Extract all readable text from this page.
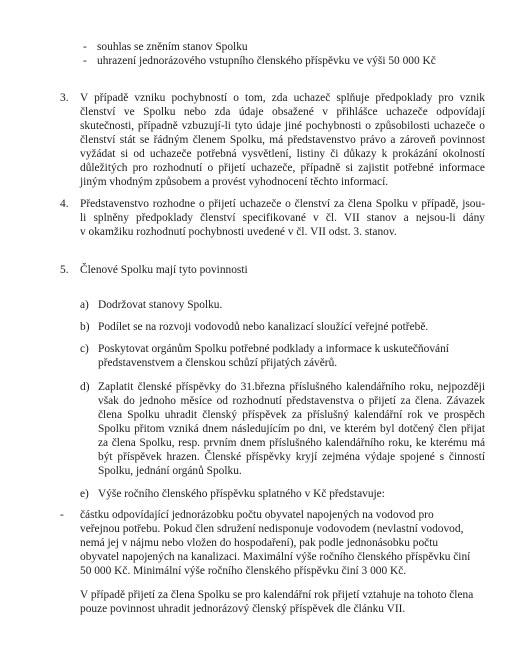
- souhlas se zněním stanov Spolku
- uhrazení jednorázového vstupního členského příspěvku ve výši 50 000 Kč
3. V případě vzniku pochybností o tom, zda uchazeč splňuje předpoklady pro vznik

členství ve Spolku nebo zda údaje obsažené v přihlášce uchazeče odpovídají

skutečnosti, případně vzbuzují-li tyto údaje jiné pochybnosti o způsobilosti uchazeče o

členství stát se řádným členem Spolku, má představenstvo právo a zároveň povinnost

vyžádat si od uchazeče potřebná vysvětlení, listiny či důkazy k prokázání okolností

důležitých pro rozhodnutí o přijetí uchazeče, případně si zajistit potřebné informace

jiným vhodným způsobem a provést vyhodnocení těchto informací.

4. Představenstvo rozhodne o přijetí uchazeče o členství za člena Spolku v případě, jsou-

li splněny předpoklady členství specifikované v čl. VII stanov a nejsou-li dány

v okamžiku rozhodnutí pochybnosti uvedené v čl. VII odst. 3. stanov.

5. Členové Spolku mají tyto povinnosti
a) Dodržovat stanovy Spolku.
b) Podílet se na rozvoji vodovodů nebo kanalizací sloužící veřejné potřebě.
c) Poskytovat orgánům Spolku potřebné podklady a informace k uskutečňování

představenstvem a členskou schůzí přijatých závěrů.

d) Zaplatit členské příspěvky do 31.března příslušného kalendářního roku, nejpozději

však do jednoho měsíce od rozhodnutí představenstva o přijetí za člena. Závazek

člena Spolku uhradit členský příspěvek za příslušný kalendářní rok ve prospěch

Spolku přitom vzniká dnem následujícím po dni, ve kterém byl dotčený člen přijat

za člena Spolku, resp. prvním dnem příslušného kalendářního roku, ke kterému má

být příspěvek hrazen. Členské příspěvky kryjí zejména výdaje spojené s činností

Spolku, jednání orgánů Spolku.

e) Výše ročního členského příspěvku splatného v Kč představuje:
- částku odpovídající jednorázobku počtu obyvatel napojených na vodovod pro

veřejnou potřebu. Pokud člen sdružení nedisponuje vodovodem (nevlastní vodovod,

nemá jej v nájmu nebo vložen do hospodaření), pak podle jednonásobku počtu

obyvatel napojených na kanalizaci. Maximální výše ročního členského příspěvku činí

50 000 Kč. Minimální výše ročního členského příspěvku činí 3 000 Kč.

V případě přijetí za člena Spolku se pro kalendářní rok přijetí vztahuje na tohoto člena

pouze povinnost uhradit jednorázový členský příspěvek dle článku VII.
